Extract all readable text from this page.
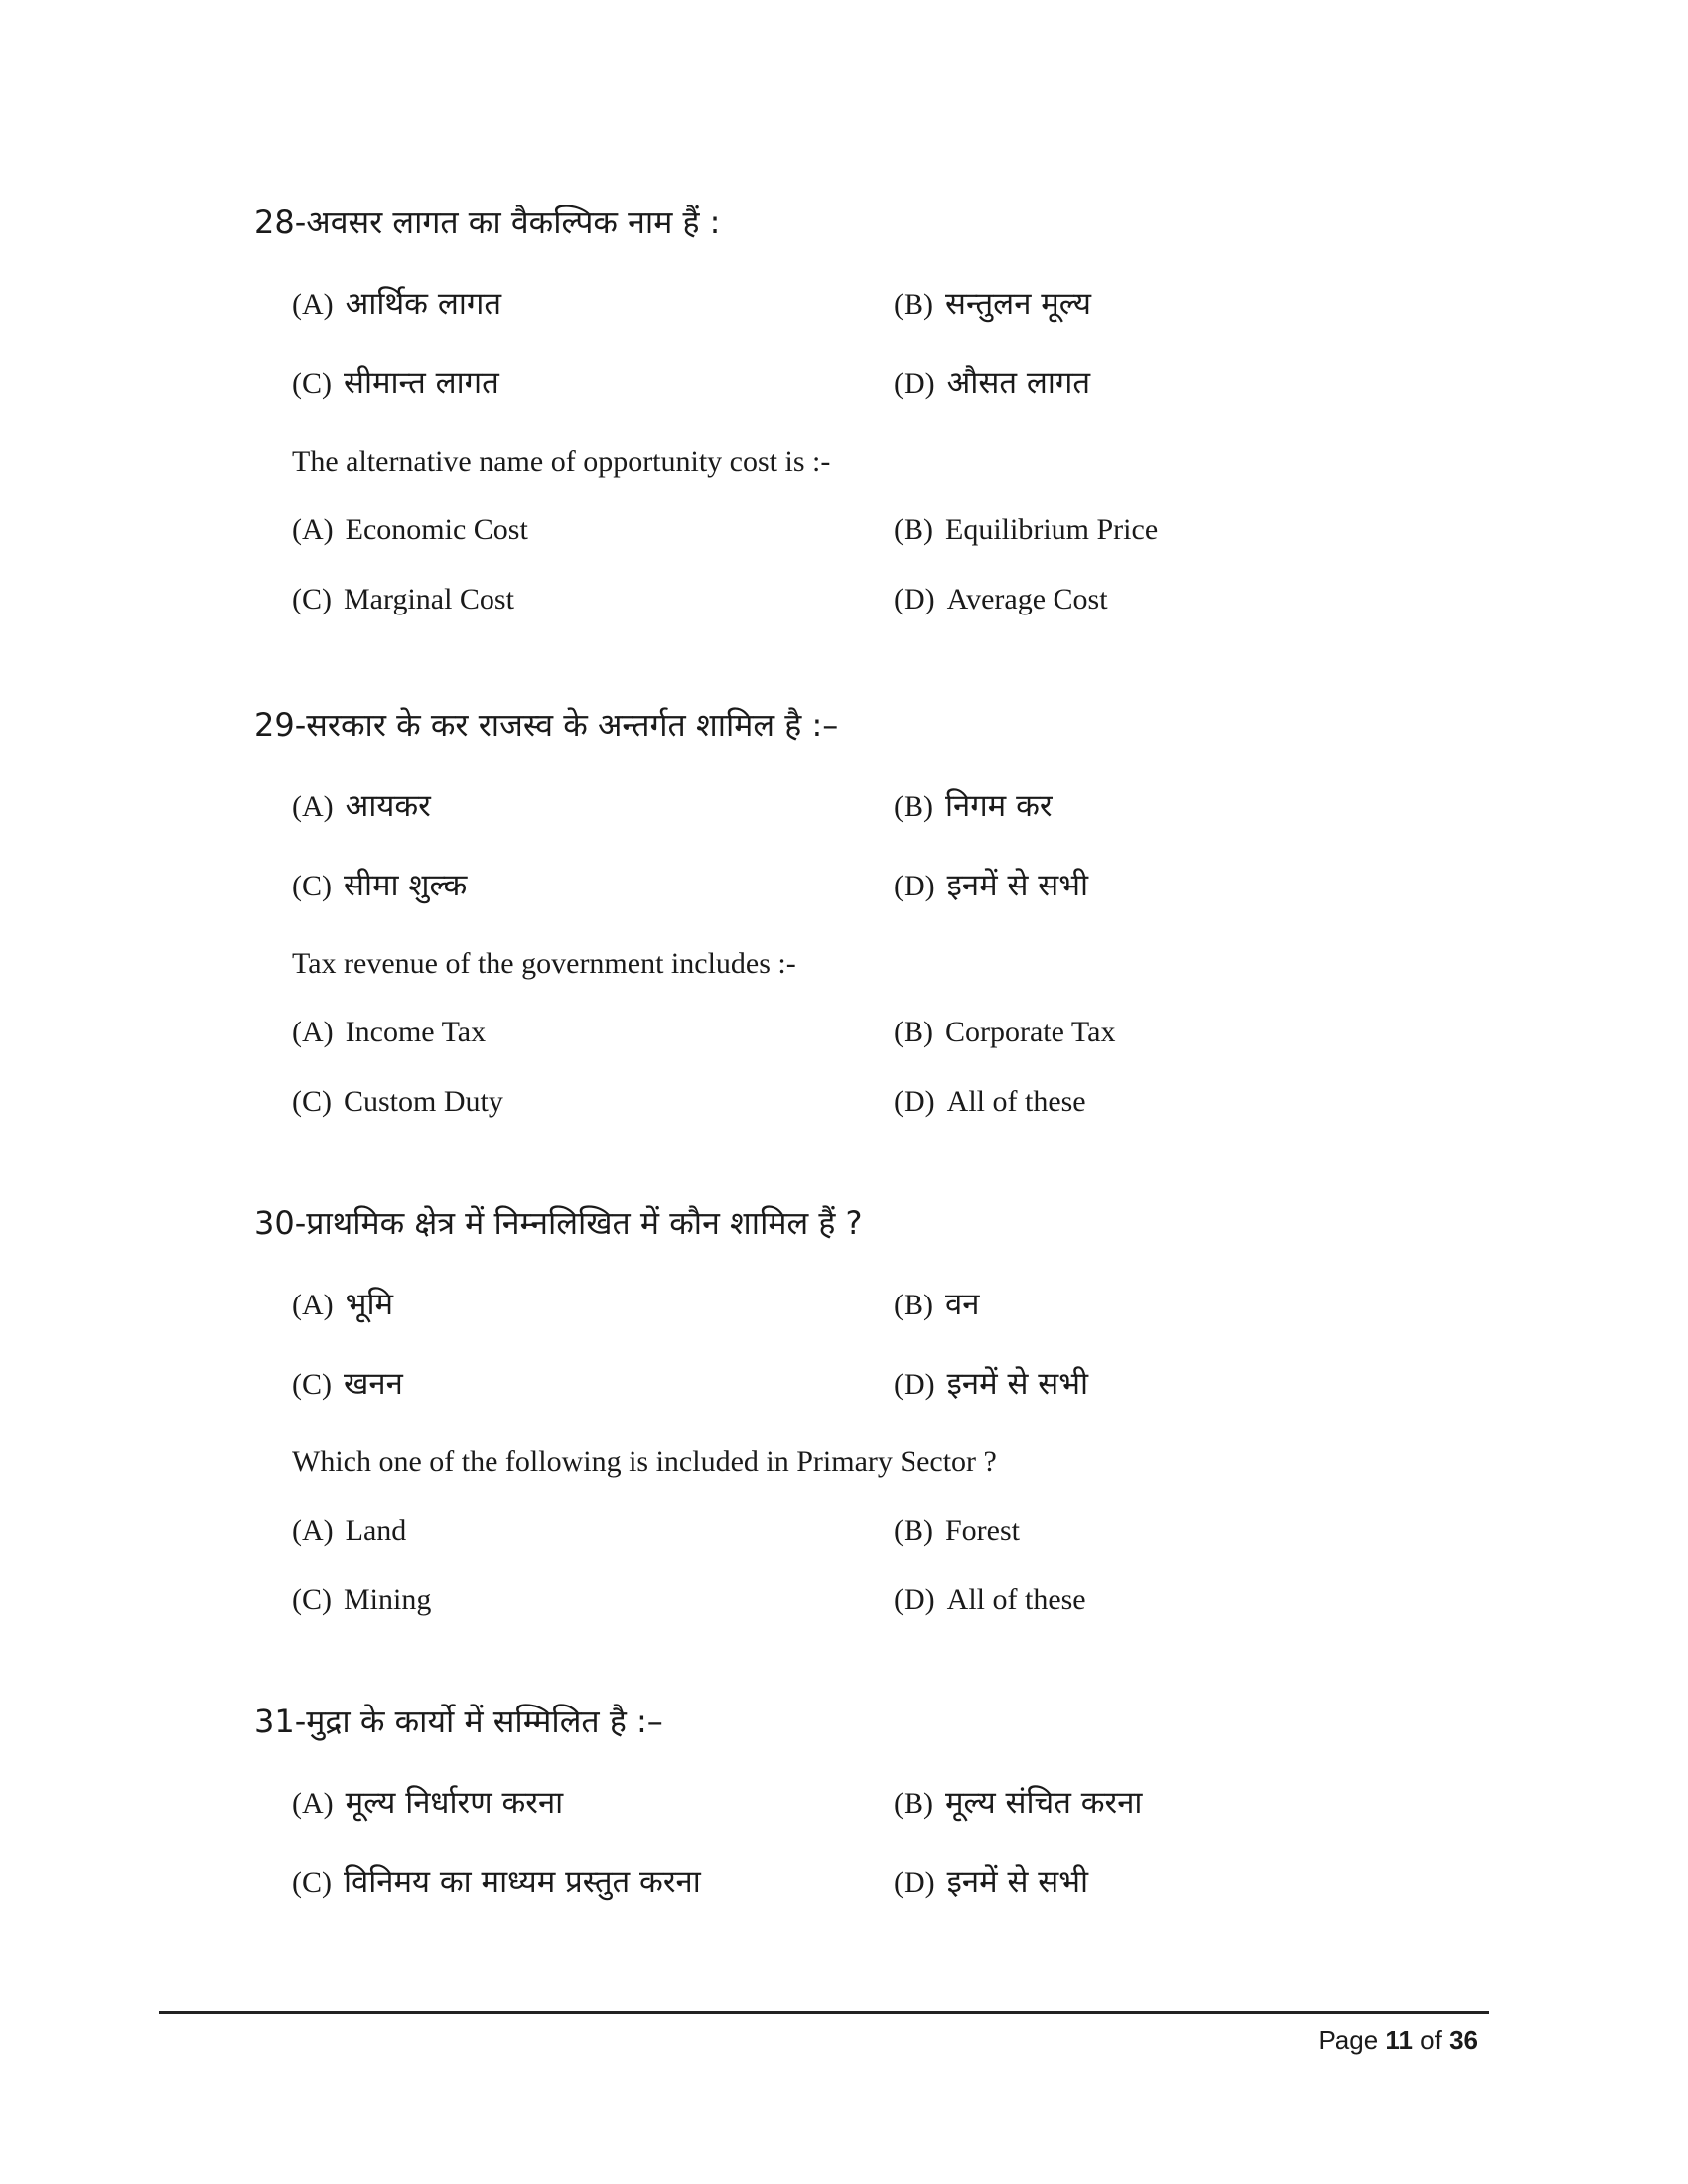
28-अवसर लागत का वैकल्पिक नाम हैं :
(A) आर्थिक लागत	(B) सन्तुलन मूल्य
(C) सीमान्त लागत	(D) औसत लागत
The alternative name of opportunity cost is :-
(A) Economic Cost	(B) Equilibrium Price
(C) Marginal Cost	(D) Average Cost
29-सरकार के कर राजस्व के अन्तर्गत शामिल है :–
(A) आयकर	(B) निगम कर
(C) सीमा शुल्क	(D) इनमें से सभी
Tax revenue of the government includes :-
(A) Income Tax	(B) Corporate Tax
(C) Custom Duty	(D) All of these
30-प्राथमिक क्षेत्र में निम्नलिखित में कौन शामिल हैं ?
(A) भूमि	(B) वन
(C) खनन	(D) इनमें से सभी
Which one of the following is included in Primary Sector ?
(A) Land	(B) Forest
(C) Mining	(D) All of these
31-मुद्रा के कार्यो में सम्मिलित है :–
(A) मूल्य निर्धारण करना	(B) मूल्य संचित करना
(C) विनिमय का माध्यम प्रस्तुत करना	(D) इनमें से सभी
Page 11 of 36
